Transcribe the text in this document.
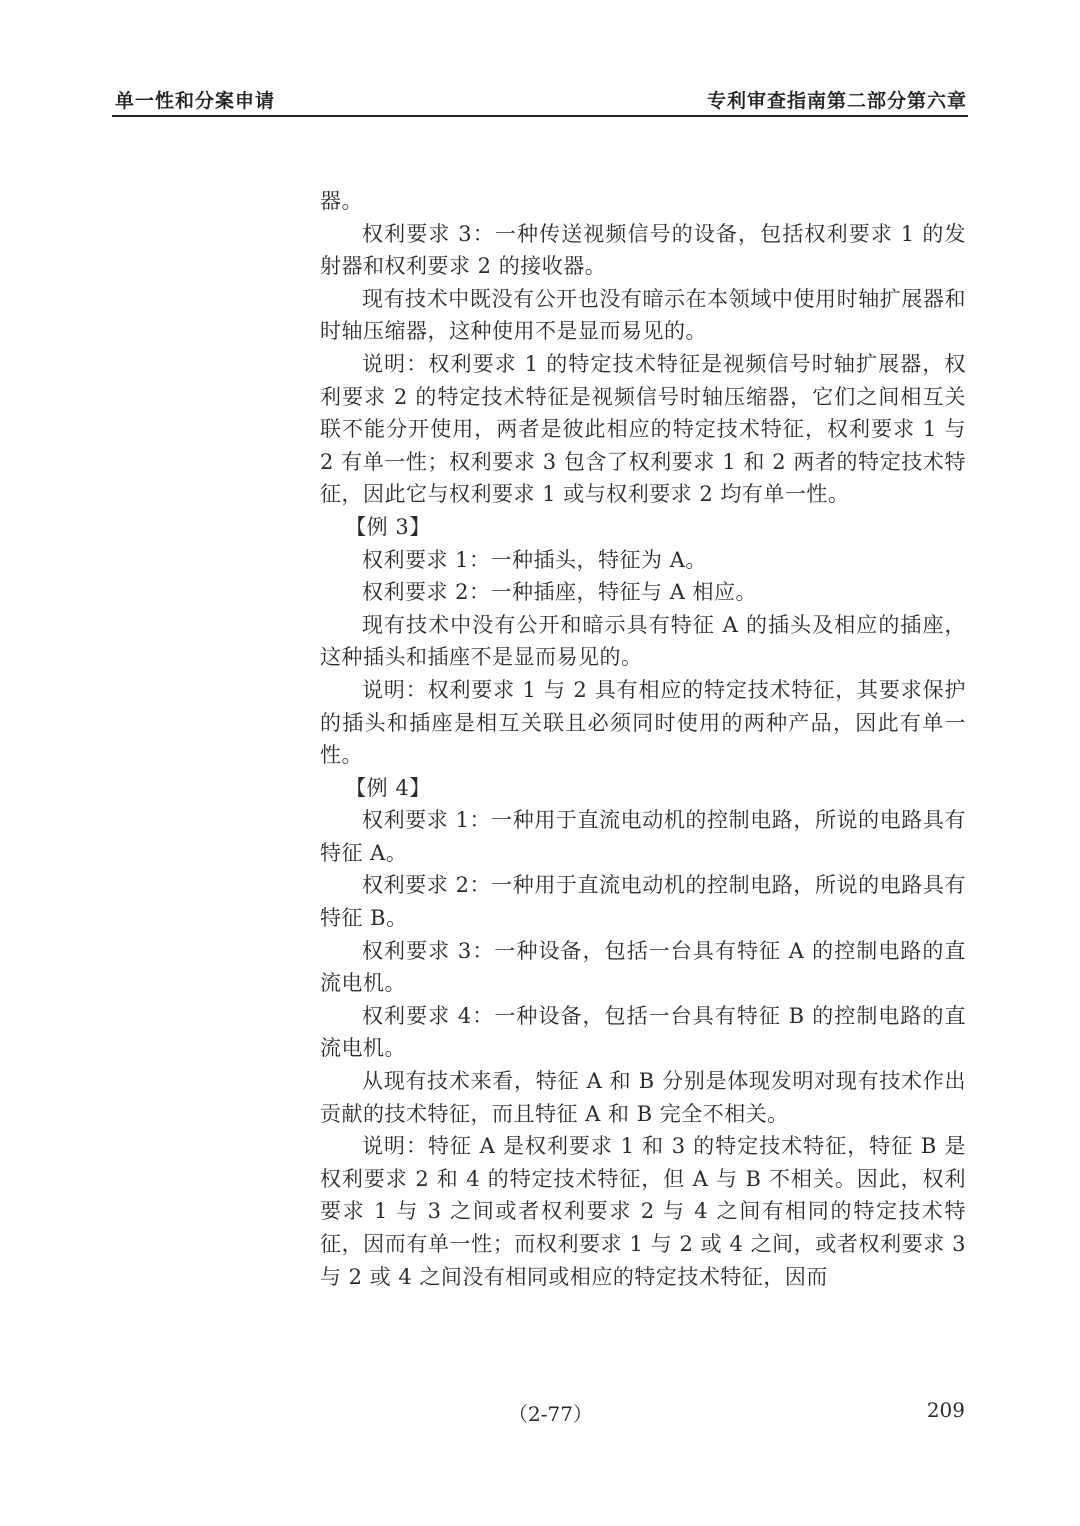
单一性和分案申请	专利审查指南第二部分第六章

器。

权利要求 3：一种传送视频信号的设备，包括权利要求 1 的发射器和权利要求 2 的接收器。

现有技术中既没有公开也没有暗示在本领域中使用时轴扩展器和时轴压缩器，这种使用不是显而易见的。

说明：权利要求 1 的特定技术特征是视频信号时轴扩展器，权利要求 2 的特定技术特征是视频信号时轴压缩器，它们之间相互关联不能分开使用，两者是彼此相应的特定技术特征，权利要求 1 与 2 有单一性；权利要求 3 包含了权利要求 1 和 2 两者的特定技术特征，因此它与权利要求 1 或与权利要求 2 均有单一性。

【例 3】

权利要求 1：一种插头，特征为 A。

权利要求 2：一种插座，特征与 A 相应。

现有技术中没有公开和暗示具有特征 A 的插头及相应的插座，这种插头和插座不是显而易见的。

说明：权利要求 1 与 2 具有相应的特定技术特征，其要求保护的插头和插座是相互关联且必须同时使用的两种产品，因此有单一性。

【例 4】

权利要求 1：一种用于直流电动机的控制电路，所说的电路具有特征 A。

权利要求 2：一种用于直流电动机的控制电路，所说的电路具有特征 B。

权利要求 3：一种设备，包括一台具有特征 A 的控制电路的直流电机。

权利要求 4：一种设备，包括一台具有特征 B 的控制电路的直流电机。

从现有技术来看，特征 A 和 B 分别是体现发明对现有技术作出贡献的技术特征，而且特征 A 和 B 完全不相关。

说明：特征 A 是权利要求 1 和 3 的特定技术特征，特征 B 是权利要求 2 和 4 的特定技术特征，但 A 与 B 不相关。因此，权利要求 1 与 3 之间或者权利要求 2 与 4 之间有相同的特定技术特征，因而有单一性；而权利要求 1 与 2 或 4 之间，或者权利要求 3 与 2 或 4 之间没有相同或相应的特定技术特征，因而

（2-77）	209
